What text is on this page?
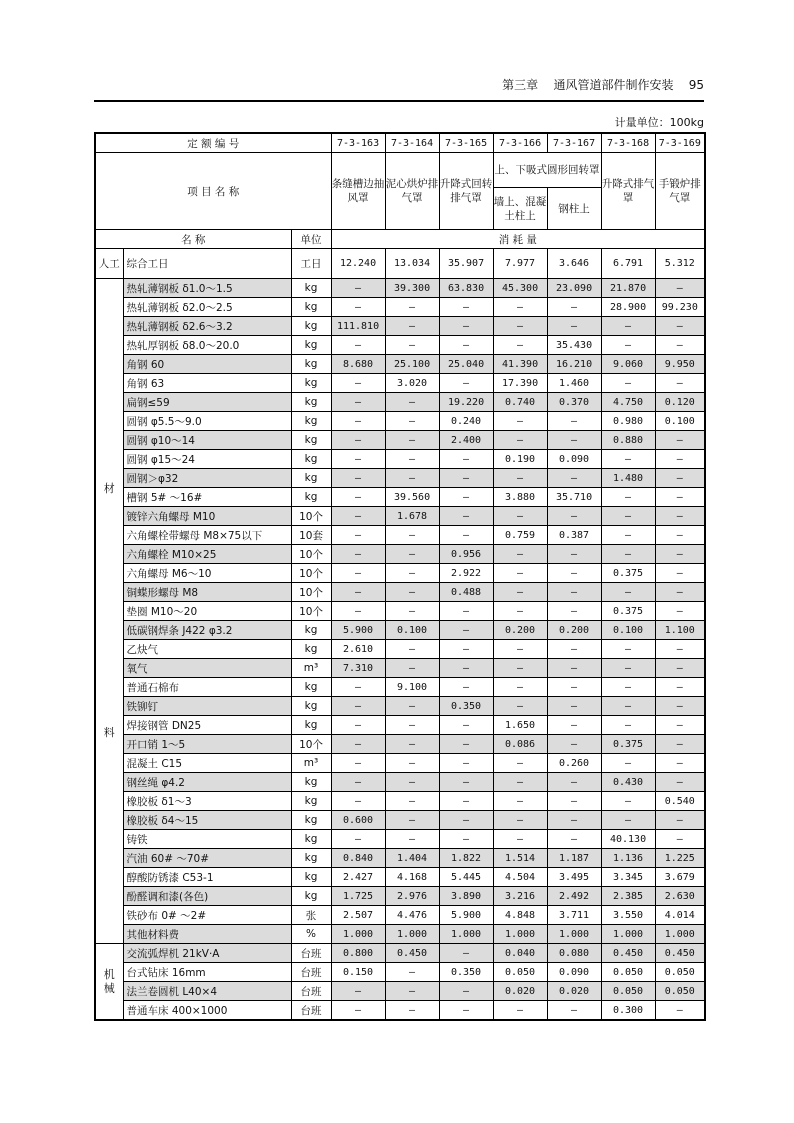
第三章 通风管道部件制作安装 95
计量单位：100kg
定 额 编 号			7-3-163	7-3-164	7-3-165	7-3-166	7-3-167	7-3-168	7-3-169
项 目 名 称			条缝槽边抽风罩	泥心烘炉排气罩	升降式回转排气罩	上、下吸式圆形回转罩		升降式排气罩	手锻炉排气罩
						墙上、混凝土柱上	钢柱上		
名 称		单位	消 耗 量						
人工	综合工日	工日	12.240	13.034	35.907	7.977	3.646	6.791	5.312

材
料	热轧薄钢板 δ1.0～1.5	kg	—	39.300	63.830	45.300	23.090	21.870	—
	热轧薄钢板 δ2.0～2.5	kg	—	—	—	—	—	28.900	99.230
	热轧薄钢板 δ2.6～3.2	kg	111.810	—	—	—	—	—	—
	热轧厚钢板 δ8.0～20.0	kg	—	—	—	—	35.430	—	—
	角钢 60	kg	8.680	25.100	25.040	41.390	16.210	9.060	9.950
	角钢 63	kg	—	3.020	—	17.390	1.460	—	—
	扁钢≤59	kg	—	—	19.220	0.740	0.370	4.750	0.120
	圆钢 φ5.5～9.0	kg	—	—	0.240	—	—	0.980	0.100
	圆钢 φ10～14	kg	—	—	2.400	—	—	0.880	—
	圆钢 φ15～24	kg	—	—	—	0.190	0.090	—	—
	圆钢＞φ32	kg	—	—	—	—	—	1.480	—
	槽钢 5# ～16#	kg	—	39.560	—	3.880	35.710	—	—
	镀锌六角螺母 M10	10个	—	1.678	—	—	—	—	—
	六角螺栓带螺母 M8×75以下	10套	—	—	—	0.759	0.387	—	—
	六角螺栓 M10×25	10个	—	—	0.956	—	—	—	—
	六角螺母 M6～10	10个	—	—	2.922	—	—	0.375	—
	铜蝶形螺母 M8	10个	—	—	0.488	—	—	—	—
	垫圈 M10～20	10个	—	—	—	—	—	0.375	—
	低碳钢焊条 J422 φ3.2	kg	5.900	0.100	—	0.200	0.200	0.100	1.100
	乙炔气	kg	2.610	—	—	—	—	—	—
	氧气	m³	7.310	—	—	—	—	—	—
	普通石棉布	kg	—	9.100	—	—	—	—	—
	铁铆钉	kg	—	—	0.350	—	—	—	—
	焊接钢管 DN25	kg	—	—	—	1.650	—	—	—
	开口销 1～5	10个	—	—	—	0.086	—	0.375	—
	混凝土 C15	m³	—	—	—	—	0.260	—	—
	钢丝绳 φ4.2	kg	—	—	—	—	—	0.430	—
	橡胶板 δ1～3	kg	—	—	—	—	—	—	0.540
	橡胶板 δ4～15	kg	0.600	—	—	—	—	—	—
	铸铁	kg	—	—	—	—	—	40.130	—
	汽油 60# ～70#	kg	0.840	1.404	1.822	1.514	1.187	1.136	1.225
	醇酸防锈漆 C53-1	kg	2.427	4.168	5.445	4.504	3.495	3.345	3.679
	酚醛调和漆(各色)	kg	1.725	2.976	3.890	3.216	2.492	2.385	2.630
	铁砂布 0# ～2#	张	2.507	4.476	5.900	4.848	3.711	3.550	4.014
	其他材料费	%	1.000	1.000	1.000	1.000	1.000	1.000	1.000

机
械	交流弧焊机 21kV·A	台班	0.800	0.450	—	0.040	0.080	0.450	0.450
	台式钻床 16mm	台班	0.150	—	0.350	0.050	0.090	0.050	0.050
	法兰卷圆机 L40×4	台班	—	—	—	0.020	0.020	0.050	0.050
	普通车床 400×1000	台班	—	—	—	—	—	0.300	—
